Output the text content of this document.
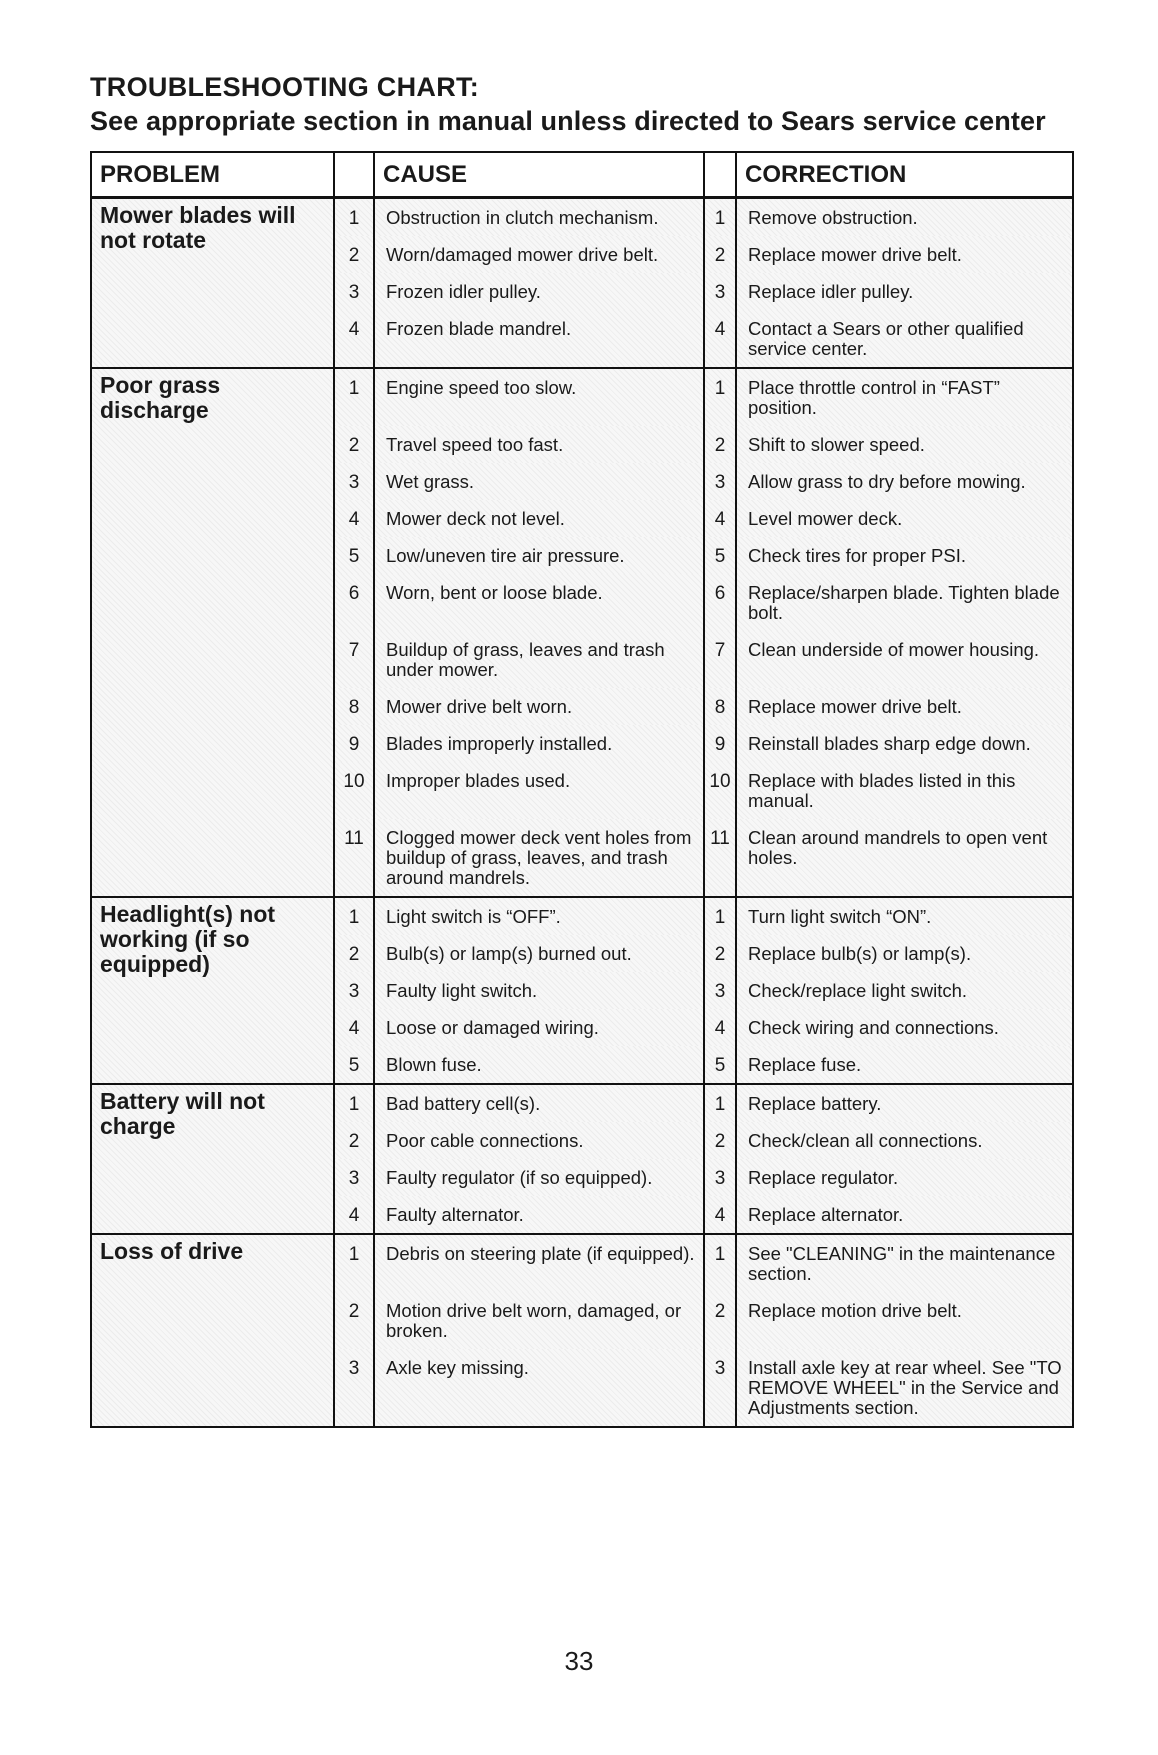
TROUBLESHOOTING CHART:
See appropriate section in manual unless directed to Sears service center
PROBLEM		CAUSE		CORRECTION

Mower blades will not rotate	1	Obstruction in clutch mechanism.	1	Remove obstruction.
	2	Worn/damaged mower drive belt.	2	Replace mower drive belt.
	3	Frozen idler pulley.	3	Replace idler pulley.
	4	Frozen blade mandrel.	4	Contact a Sears or other qualified service center.

Poor grass discharge	1	Engine speed too slow.	1	Place throttle control in “FAST” position.
	2	Travel speed too fast.	2	Shift to slower speed.
	3	Wet grass.	3	Allow grass to dry before mowing.
	4	Mower deck not level.	4	Level mower deck.
	5	Low/uneven tire air pressure.	5	Check tires for proper PSI.
	6	Worn, bent or loose blade.	6	Replace/sharpen blade. Tighten blade bolt.
	7	Buildup of grass, leaves and trash under mower.	7	Clean underside of mower housing.
	8	Mower drive belt worn.	8	Replace mower drive belt.
	9	Blades improperly installed.	9	Reinstall blades sharp edge down.
	10	Improper blades used.	10	Replace with blades listed in this manual.
	11	Clogged mower deck vent holes from buildup of grass, leaves, and trash around mandrels.	11	Clean around mandrels to open vent holes.

Headlight(s) not working (if so equipped)	1	Light switch is “OFF”.	1	Turn light switch “ON”.
	2	Bulb(s) or lamp(s) burned out.	2	Replace bulb(s) or lamp(s).
	3	Faulty light switch.	3	Check/replace light switch.
	4	Loose or damaged wiring.	4	Check wiring and connections.
	5	Blown fuse.	5	Replace fuse.

Battery will not charge	1	Bad battery cell(s).	1	Replace battery.
	2	Poor cable connections.	2	Check/clean all connections.
	3	Faulty regulator (if so equipped).	3	Replace regulator.
	4	Faulty alternator.	4	Replace alternator.

Loss of drive	1	Debris on steering plate (if equipped).	1	See "CLEANING" in the maintenance section.
	2	Motion drive belt worn, damaged, or broken.	2	Replace motion drive belt.
	3	Axle key missing.	3	Install axle key at rear wheel. See "TO REMOVE WHEEL" in the Service and Adjustments section.
33
